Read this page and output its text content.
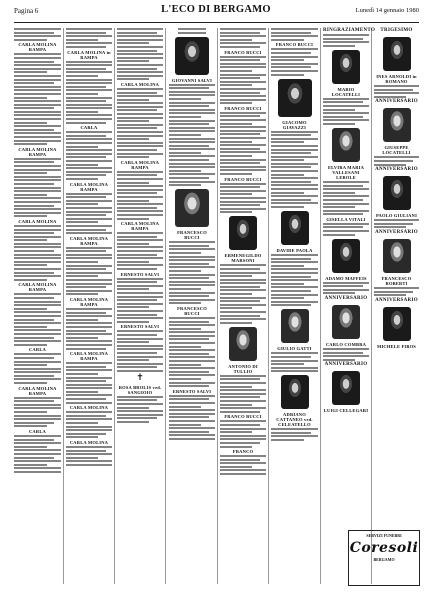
Pagina 6	L'ECO DI BERGAMO	Lunedì 14 gennaio 1980
CARLA MOLINA RAMPA
CARLA MOLINA RAMPA
CARLA MOLINA
CARLA MOLINA RAMPA
CARLA
CARLA MOLINA RAMPA
CARLA
CARLA MOLINA in RAMPA
CARLA
CARLA MOLINA RAMPA
CARLA MOLINA RAMPA
CARLA MOLINA RAMPA
CARLA MOLINA RAMPA
CARLA MOLINA
CARLA MOLINA
CARLA MOLINA
CARLA MOLINA RAMPA
CARLA MOLINA RAMPA
ERNESTO SALVI
ERNESTO SALVI
✝
ROSA BROLIS ved. SANGIOIO
GIOVANNI SALVI
FRANCESCO BUCCI
FRANCESCO BUCCI
ERNESTO SALVI
FRANCO BUCCI
FRANCO BUCCI
FRANCO BUCCI
ERMENEGILDO MARSONI
ANTONIO DI TULLIO
FRANCO BUCCI
FRANCO
FRANCO BUCCI
GIACOMO GIAVAZZI
DAVIDE PAOLA
GIULIO GATTI
ADRIANO CATTANEO ved. CELEATELLO
RINGRAZIAMENTO
MARIO LOCATELLI
ELVIRA MARIA VALLESANI LEBOLE
GISELLA VITALI
ADAMO MAFFEIS
ANNIVERSARIO
CARLO COMBRA
ANNIVERSARIO
LUIGI CELLEGARI
TRIGESIMO
INES ARNOLDI in ROMANO
ANNIVERSARIO
GIUSEPPE LOCATELLI
ANNIVERSARIO
PAOLO GIULIANI
ANNIVERSARIO
FRANCESCO ROBERTI
ANNIVERSARIO
MICHELE FIBOS
SERVIZI FUNEBRI
Coresoli
BERGAMO
